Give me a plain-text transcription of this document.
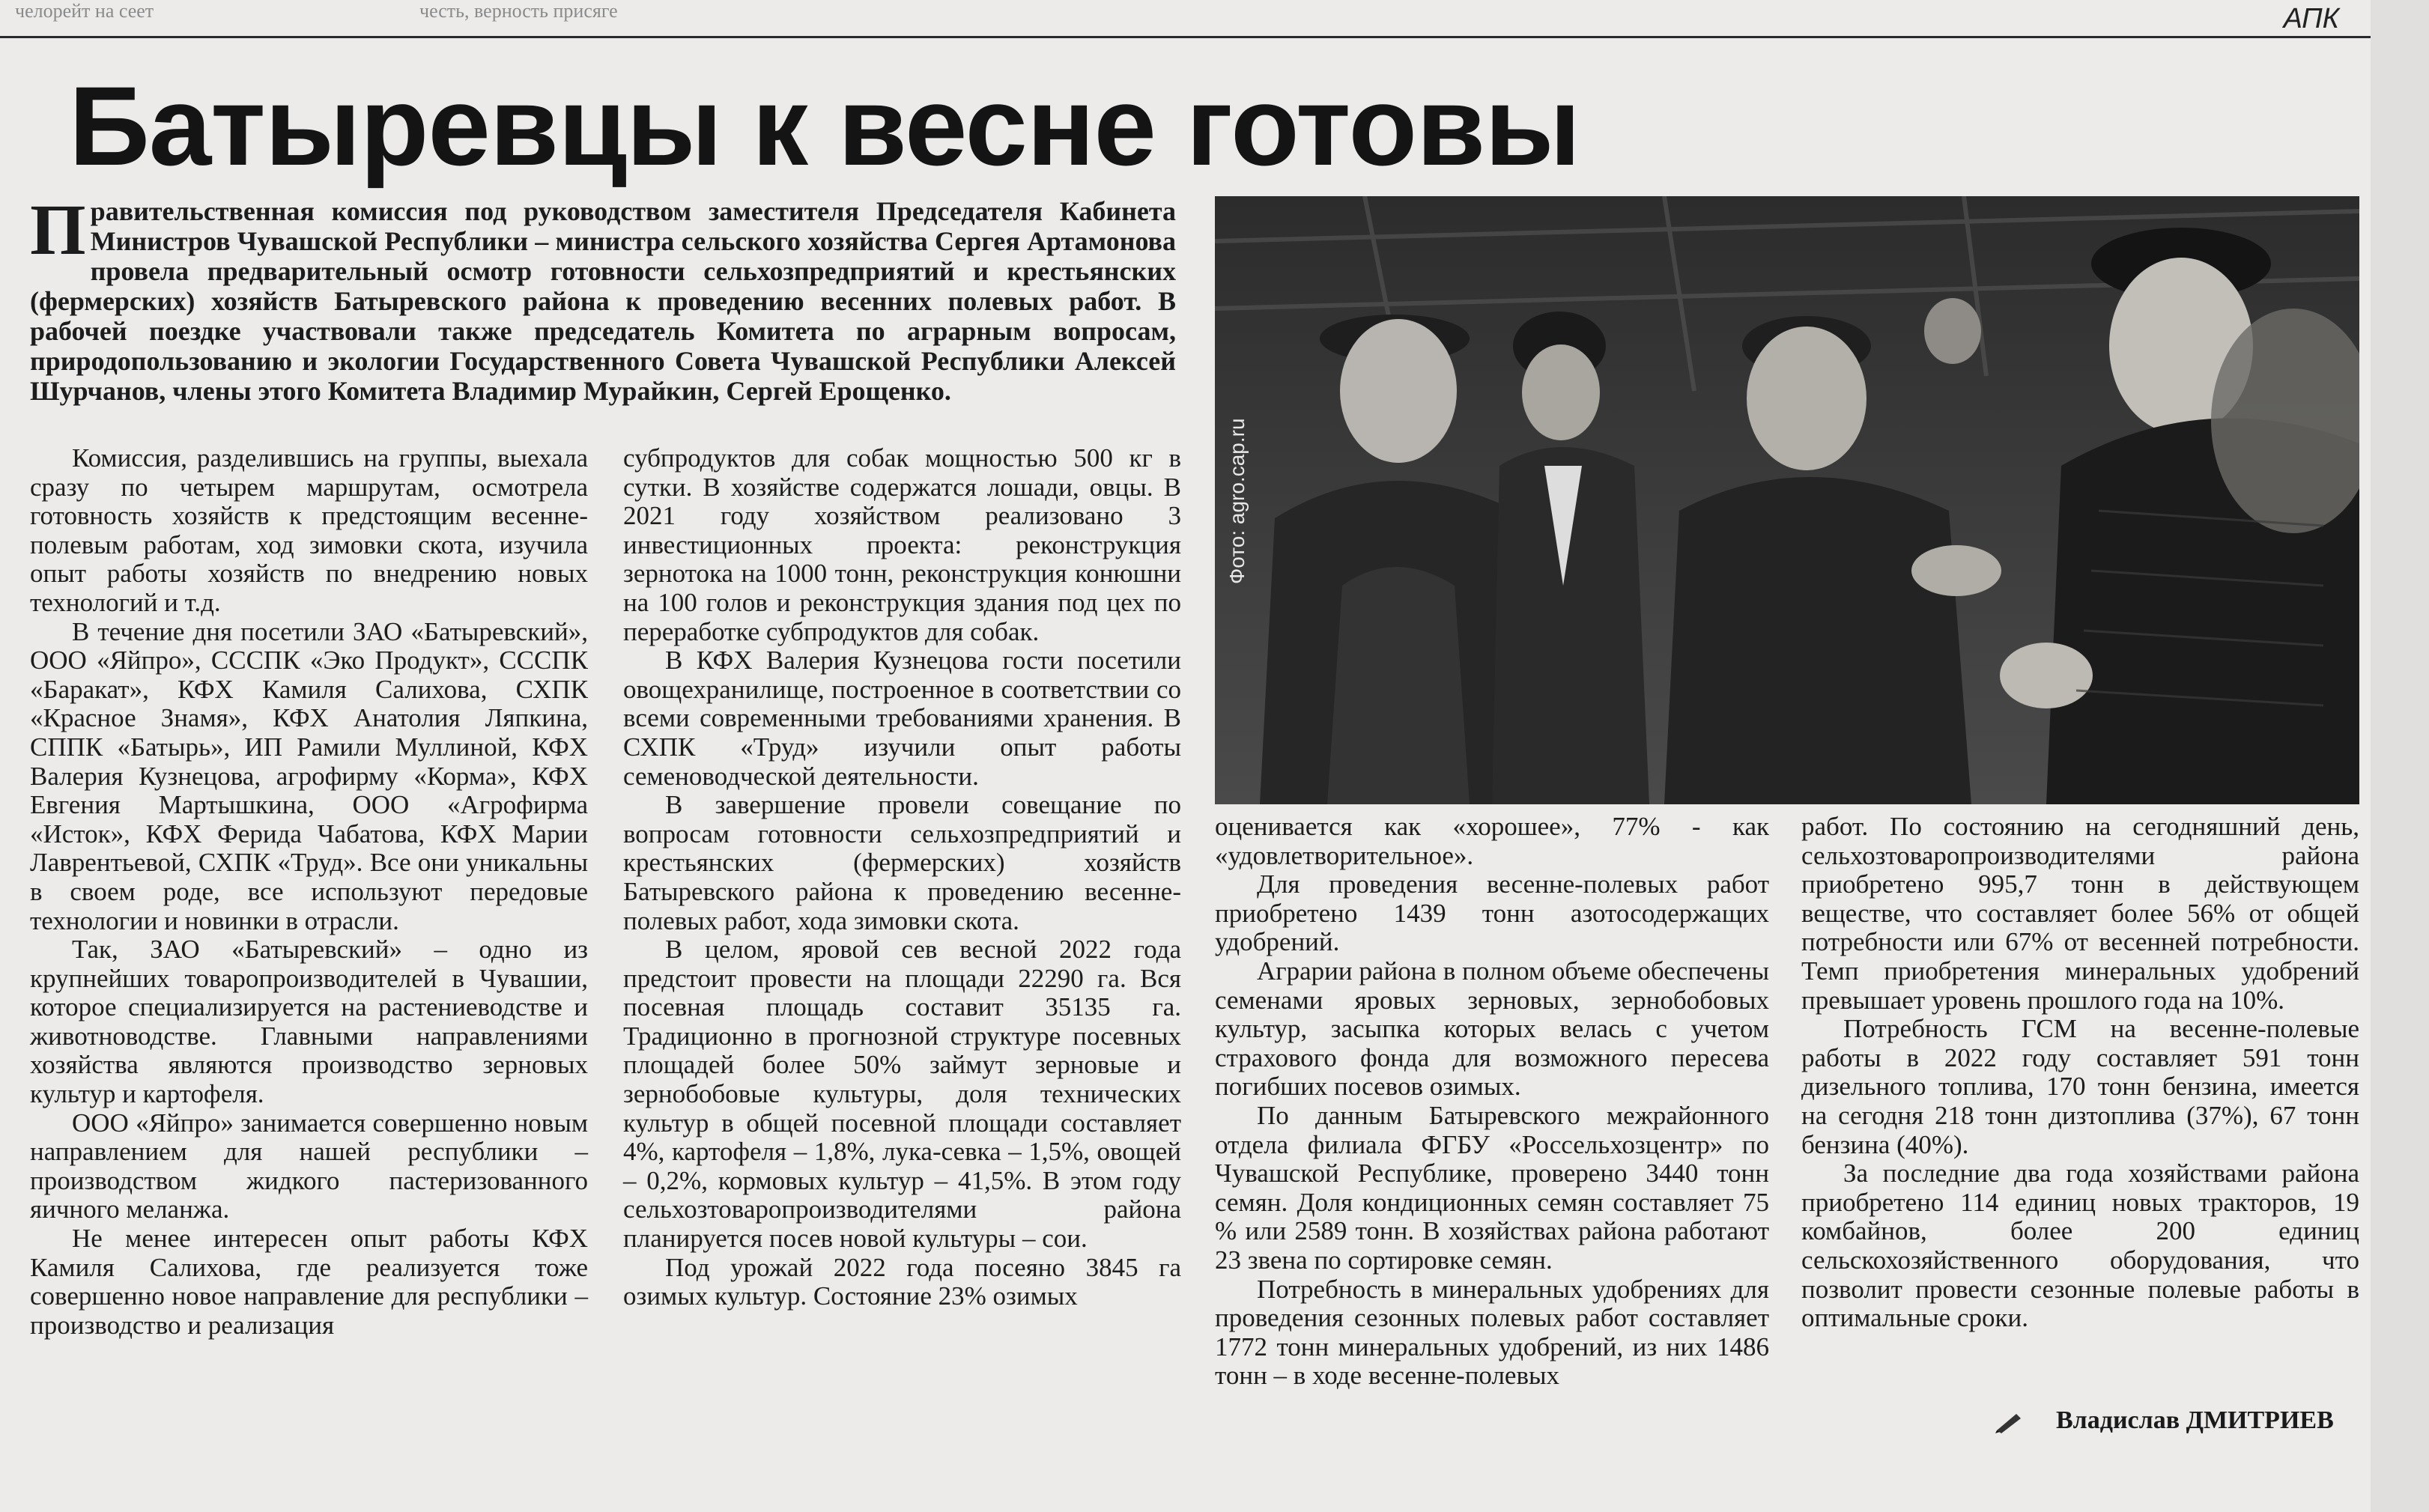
челорейт на сеет	честь, верность присяге	АПК
Батыревцы к весне готовы

Правительственная комиссия под руководством заместителя Председателя Кабинета Министров Чувашской Республики – министра сельского хозяйства Сергея Артамонова провела предварительный осмотр готовности сельхозпредприятий и крестьянских (фермерских) хозяйств Батыревского района к проведению весенних полевых работ. В рабочей поездке участвовали также председатель Комитета по аграрным вопросам, природопользованию и экологии Государственного Совета Чувашской Республики Алексей Шурчанов, члены этого Комитета Владимир Мурайкин, Сергей Ерощенко.

Комиссия, разделившись на группы, выехала сразу по четырем маршрутам, осмотрела готовность хозяйств к предстоящим весенне-полевым работам, ход зимовки скота, изучила опыт работы хозяйств по внедрению новых технологий и т.д.

В течение дня посетили ЗАО «Батыревский», ООО «Яйпро», СССПК «Эко Продукт», СССПК «Баракат», КФХ Камиля Салихова, СХПК «Красное Знамя», КФХ Анатолия Ляпкина, СППК «Батырь», ИП Рамили Муллиной, КФХ Валерия Кузнецова, агрофирму «Корма», КФХ Евгения Мартышкина, ООО «Агрофирма «Исток», КФХ Ферида Чабатова, КФХ Марии Лаврентьевой, СХПК «Труд». Все они уникальны в своем роде, все используют передовые технологии и новинки в отрасли.

Так, ЗАО «Батыревский» – одно из крупнейших товаропроизводителей в Чувашии, которое специализируется на растениеводстве и животноводстве. Главными направлениями хозяйства являются производство зерновых культур и картофеля.

ООО «Яйпро» занимается совершенно новым направлением для нашей республики – производством жидкого пастеризованного яичного меланжа.

Не менее интересен опыт работы КФХ Камиля Салихова, где реализуется тоже совершенно новое направление для республики – производство и реализация

субпродуктов для собак мощностью 500 кг в сутки. В хозяйстве содержатся лошади, овцы. В 2021 году хозяйством реализовано 3 инвестиционных проекта: реконструкция зернотока на 1000 тонн, реконструкция конюшни на 100 голов и реконструкция здания под цех по переработке субпродуктов для собак.

В КФХ Валерия Кузнецова гости посетили овощехранилище, построенное в соответствии со всеми современными требованиями хранения. В СХПК «Труд» изучили опыт работы семеноводческой деятельности.

В завершение провели совещание по вопросам готовности сельхозпредприятий и крестьянских (фермерских) хозяйств Батыревского района к проведению весенне-полевых работ, хода зимовки скота.

В целом, яровой сев весной 2022 года предстоит провести на площади 22290 га. Вся посевная площадь составит 35135 га. Традиционно в прогнозной структуре посевных площадей более 50% займут зерновые и зернобобовые культуры, доля технических культур в общей посевной площади составляет 4%, картофеля – 1,8%, лука-севка – 1,5%, овощей – 0,2%, кормовых культур – 41,5%. В этом году сельхозтоваропроизводителями района планируется посев новой культуры – сои.

Под урожай 2022 года посеяно 3845 га озимых культур. Состояние 23% озимых

Фото: agro.cap.ru

оценивается как «хорошее», 77% - как «удовлетворительное».

Для проведения весенне-полевых работ приобретено 1439 тонн азотосодержащих удобрений.

Аграрии района в полном объеме обеспечены семенами яровых зерновых, зернобобовых культур, засыпка которых велась с учетом страхового фонда для возможного пересева погибших посевов озимых.

По данным Батыревского межрайонного отдела филиала ФГБУ «Россельхозцентр» по Чувашской Республике, проверено 3440 тонн семян. Доля кондиционных семян составляет 75 % или 2589 тонн. В хозяйствах района работают 23 звена по сортировке семян.

Потребность в минеральных удобрениях для проведения сезонных полевых работ составляет 1772 тонн минеральных удобрений, из них 1486 тонн – в ходе весенне-полевых

работ. По состоянию на сегодняшний день, сельхозтоваропроизводителями района приобретено 995,7 тонн в действующем веществе, что составляет более 56% от общей потребности или 67% от весенней потребности. Темп приобретения минеральных удобрений превышает уровень прошлого года на 10%.

Потребность ГСМ на весенне-полевые работы в 2022 году составляет 591 тонн дизельного топлива, 170 тонн бензина, имеется на сегодня 218 тонн дизтоплива (37%), 67 тонн бензина (40%).

За последние два года хозяйствами района приобретено 114 единиц новых тракторов, 19 комбайнов, более 200 единиц сельскохозяйственного оборудования, что позволит провести сезонные полевые работы в оптимальные сроки.

Владислав ДМИТРИЕВ
